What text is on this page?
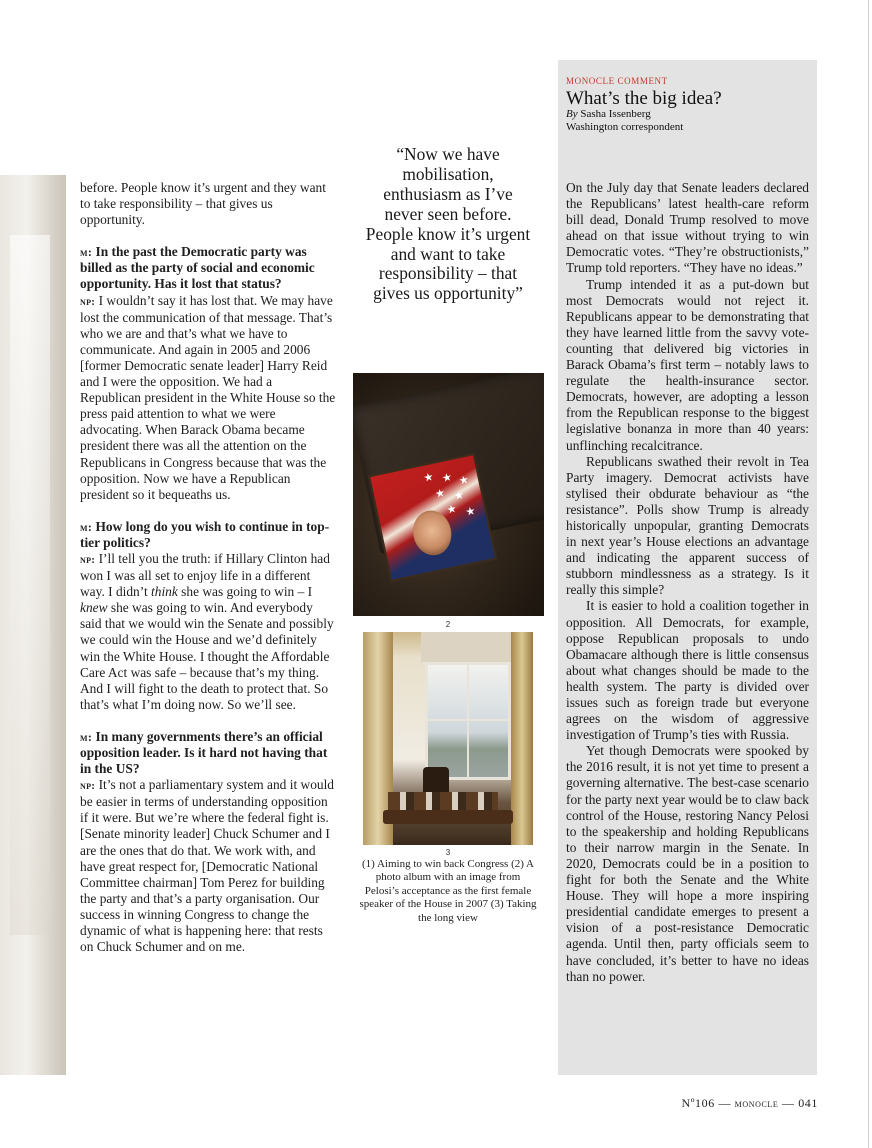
before. People know it’s urgent and they want to take responsibility – that gives us opportunity.

m: In the past the Democratic party was billed as the party of social and economic opportunity. Has it lost that status?

np: I wouldn’t say it has lost that. We may have lost the communication of that message. That’s who we are and that’s what we have to communicate. And again in 2005 and 2006 [former Democratic senate leader] Harry Reid and I were the opposition. We had a Republican president in the White House so the press paid attention to what we were advocating. When Barack Obama became president there was all the attention on the Republicans in Congress because that was the opposition. Now we have a Republican president so it bequeaths us.

m: How long do you wish to continue in top-tier politics?

np: I’ll tell you the truth: if Hillary Clinton had won I was all set to enjoy life in a different way. I didn’t think she was going to win – I knew she was going to win. And everybody said that we would win the Senate and possibly we could win the House and we’d definitely win the White House. I thought the Affordable Care Act was safe – because that’s my thing. And I will fight to the death to protect that. So that’s what I’m doing now. So we’ll see.

m: In many governments there’s an official opposition leader. Is it hard not having that in the US?

np: It’s not a parliamentary system and it would be easier in terms of understanding opposition if it were. But we’re where the federal fight is. [Senate minority leader] Chuck Schumer and I are the ones that do that. We work with, and have great respect for, [Democratic National Committee chairman] Tom Perez for building the party and that’s a party organisation. Our success in winning Congress to change the dynamic of what is happening here: that rests on Chuck Schumer and on me.

“Now we have mobilisation, enthusiasm as I’ve never seen before. People know it’s urgent and want to take responsibility – that gives us opportunity”
★ ★ ★
★ ★
★ ★
2
3
(1) Aiming to win back Congress (2) A photo album with an image from Pelosi’s acceptance as the first female speaker of the House in 2007 (3) Taking the long view
MONOCLE COMMENT
What’s the big idea?
By Sasha Issenberg
Washington correspondent

On the July day that Senate leaders declared the Republicans’ latest health-care reform bill dead, Donald Trump resolved to move ahead on that issue without trying to win Democratic votes. “They’re obstructionists,” Trump told reporters. “They have no ideas.”

Trump intended it as a put-down but most Democrats would not reject it. Republicans appear to be demonstrating that they have learned little from the savvy vote-counting that delivered big victories in Barack Obama’s first term – notably laws to regulate the health-insurance sector. Democrats, however, are adopting a lesson from the Republican response to the biggest legislative bonanza in more than 40 years: unflinching recalcitrance.

Republicans swathed their revolt in Tea Party imagery. Democrat activists have stylised their obdurate behaviour as “the resistance”. Polls show Trump is already historically unpopular, granting Democrats in next year’s House elections an advantage and indicating the apparent success of stubborn mindlessness as a strategy. Is it really this simple?

It is easier to hold a coalition together in opposition. All Democrats, for example, oppose Republican proposals to undo Obamacare although there is little consensus about what changes should be made to the health system. The party is divided over issues such as foreign trade but everyone agrees on the wisdom of aggressive investigation of Trump’s ties with Russia.

Yet though Democrats were spooked by the 2016 result, it is not yet time to present a governing alternative. The best-case scenario for the party next year would be to claw back control of the House, restoring Nancy Pelosi to the speakership and holding Republicans to their narrow margin in the Senate. In 2020, Democrats could be in a position to fight for both the Senate and the White House. They will hope a more inspiring presidential candidate emerges to present a vision of a post-resistance Democratic agenda. Until then, party officials seem to have concluded, it’s better to have no ideas than no power.

Nº106 — monocle — 041
